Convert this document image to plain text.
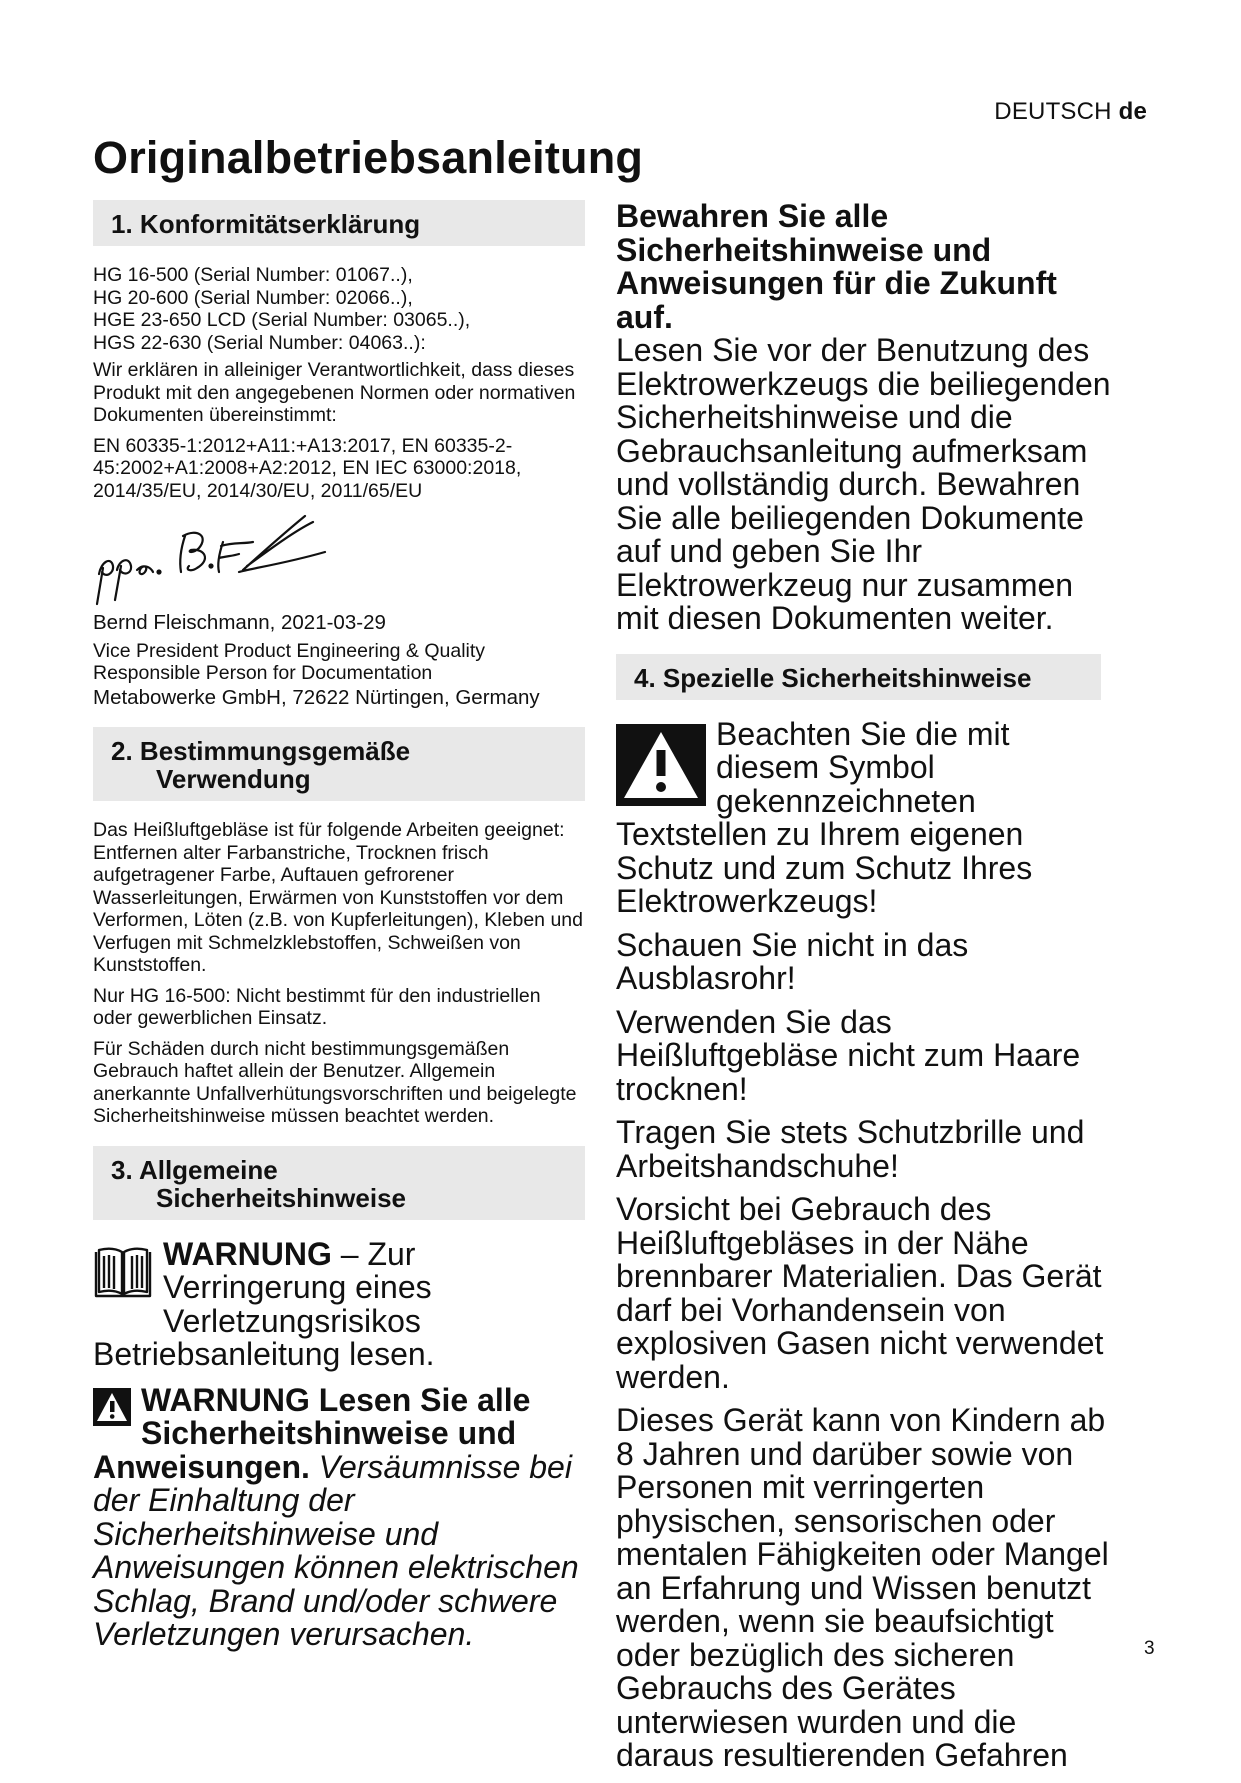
DEUTSCH de
Originalbetriebsanleitung
1. Konformitätserklärung
HG 16-500 (Serial Number: 01067..),
HG 20-600 (Serial Number: 02066..),
HGE 23-650 LCD (Serial Number: 03065..),
HGS 22-630 (Serial Number: 04063..):

Wir erklären in alleiniger Verantwortlichkeit, dass dieses Produkt mit den angegebenen Normen oder normativen Dokumenten übereinstimmt:

EN 60335-1:2012+A11:+A13:2017, EN 60335-2-45:2002+A1:2008+A2:2012, EN IEC 63000:2018, 2014/35/EU, 2014/30/EU, 2011/65/EU

Bernd Fleischmann, 2021-03-29

Vice President Product Engineering & Quality
Responsible Person for Documentation
Metabowerke GmbH, 72622 Nürtingen, Germany
2. Bestimmungsgemäße
Verwendung

Das Heißluftgebläse ist für folgende Arbeiten geeignet:

Entfernen alter Farbanstriche, Trocknen frisch aufgetragener Farbe, Auftauen gefrorener Wasserleitungen, Erwärmen von Kunststoffen vor dem Verformen, Löten (z.B. von Kupferleitungen), Kleben und Verfugen mit Schmelzklebstoffen, Schweißen von Kunststoffen.

Nur HG 16-500: Nicht bestimmt für den industriellen oder gewerblichen Einsatz.

Für Schäden durch nicht bestimmungsgemäßen Gebrauch haftet allein der Benutzer. Allgemein anerkannte Unfallverhütungsvorschriften und beigelegte Sicherheitshinweise müssen beachtet werden.

3. Allgemeine
Sicherheitshinweise
WARNUNG – Zur Verringerung eines Verletzungsrisikos Betriebsanleitung lesen.
WARNUNG Lesen Sie alle Sicherheitshinweise und Anweisungen. Versäumnisse bei der Einhaltung der Sicherheitshinweise und Anweisungen können elektrischen Schlag, Brand und/oder schwere Verletzungen verursachen.

Bewahren Sie alle Sicherheitshinweise und Anweisungen für die Zukunft auf.

Lesen Sie vor der Benutzung des Elektrowerkzeugs die beiliegenden Sicherheitshinweise und die Gebrauchsanleitung aufmerksam und vollständig durch. Bewahren Sie alle beiliegenden Dokumente auf und geben Sie Ihr Elektrowerkzeug nur zusammen mit diesen Dokumenten weiter.

4. Spezielle Sicherheitshinweise
Beachten Sie die mit diesem Symbol gekennzeichneten Textstellen zu Ihrem eigenen Schutz und zum Schutz Ihres Elektrowerkzeugs!

Schauen Sie nicht in das Ausblasrohr!

Verwenden Sie das Heißluftgebläse nicht zum Haare trocknen!

Tragen Sie stets Schutzbrille und Arbeitshandschuhe!

Vorsicht bei Gebrauch des Heißluftgebläses in der Nähe brennbarer Materialien. Das Gerät darf bei Vorhandensein von explosiven Gasen nicht verwendet werden.

Dieses Gerät kann von Kindern ab 8 Jahren und darüber sowie von Personen mit verringerten physischen, sensorischen oder mentalen Fähigkeiten oder Mangel an Erfahrung und Wissen benutzt werden, wenn sie beaufsichtigt oder bezüglich des sicheren Gebrauchs des Gerätes unterwiesen wurden und die daraus resultierenden Gefahren

3
